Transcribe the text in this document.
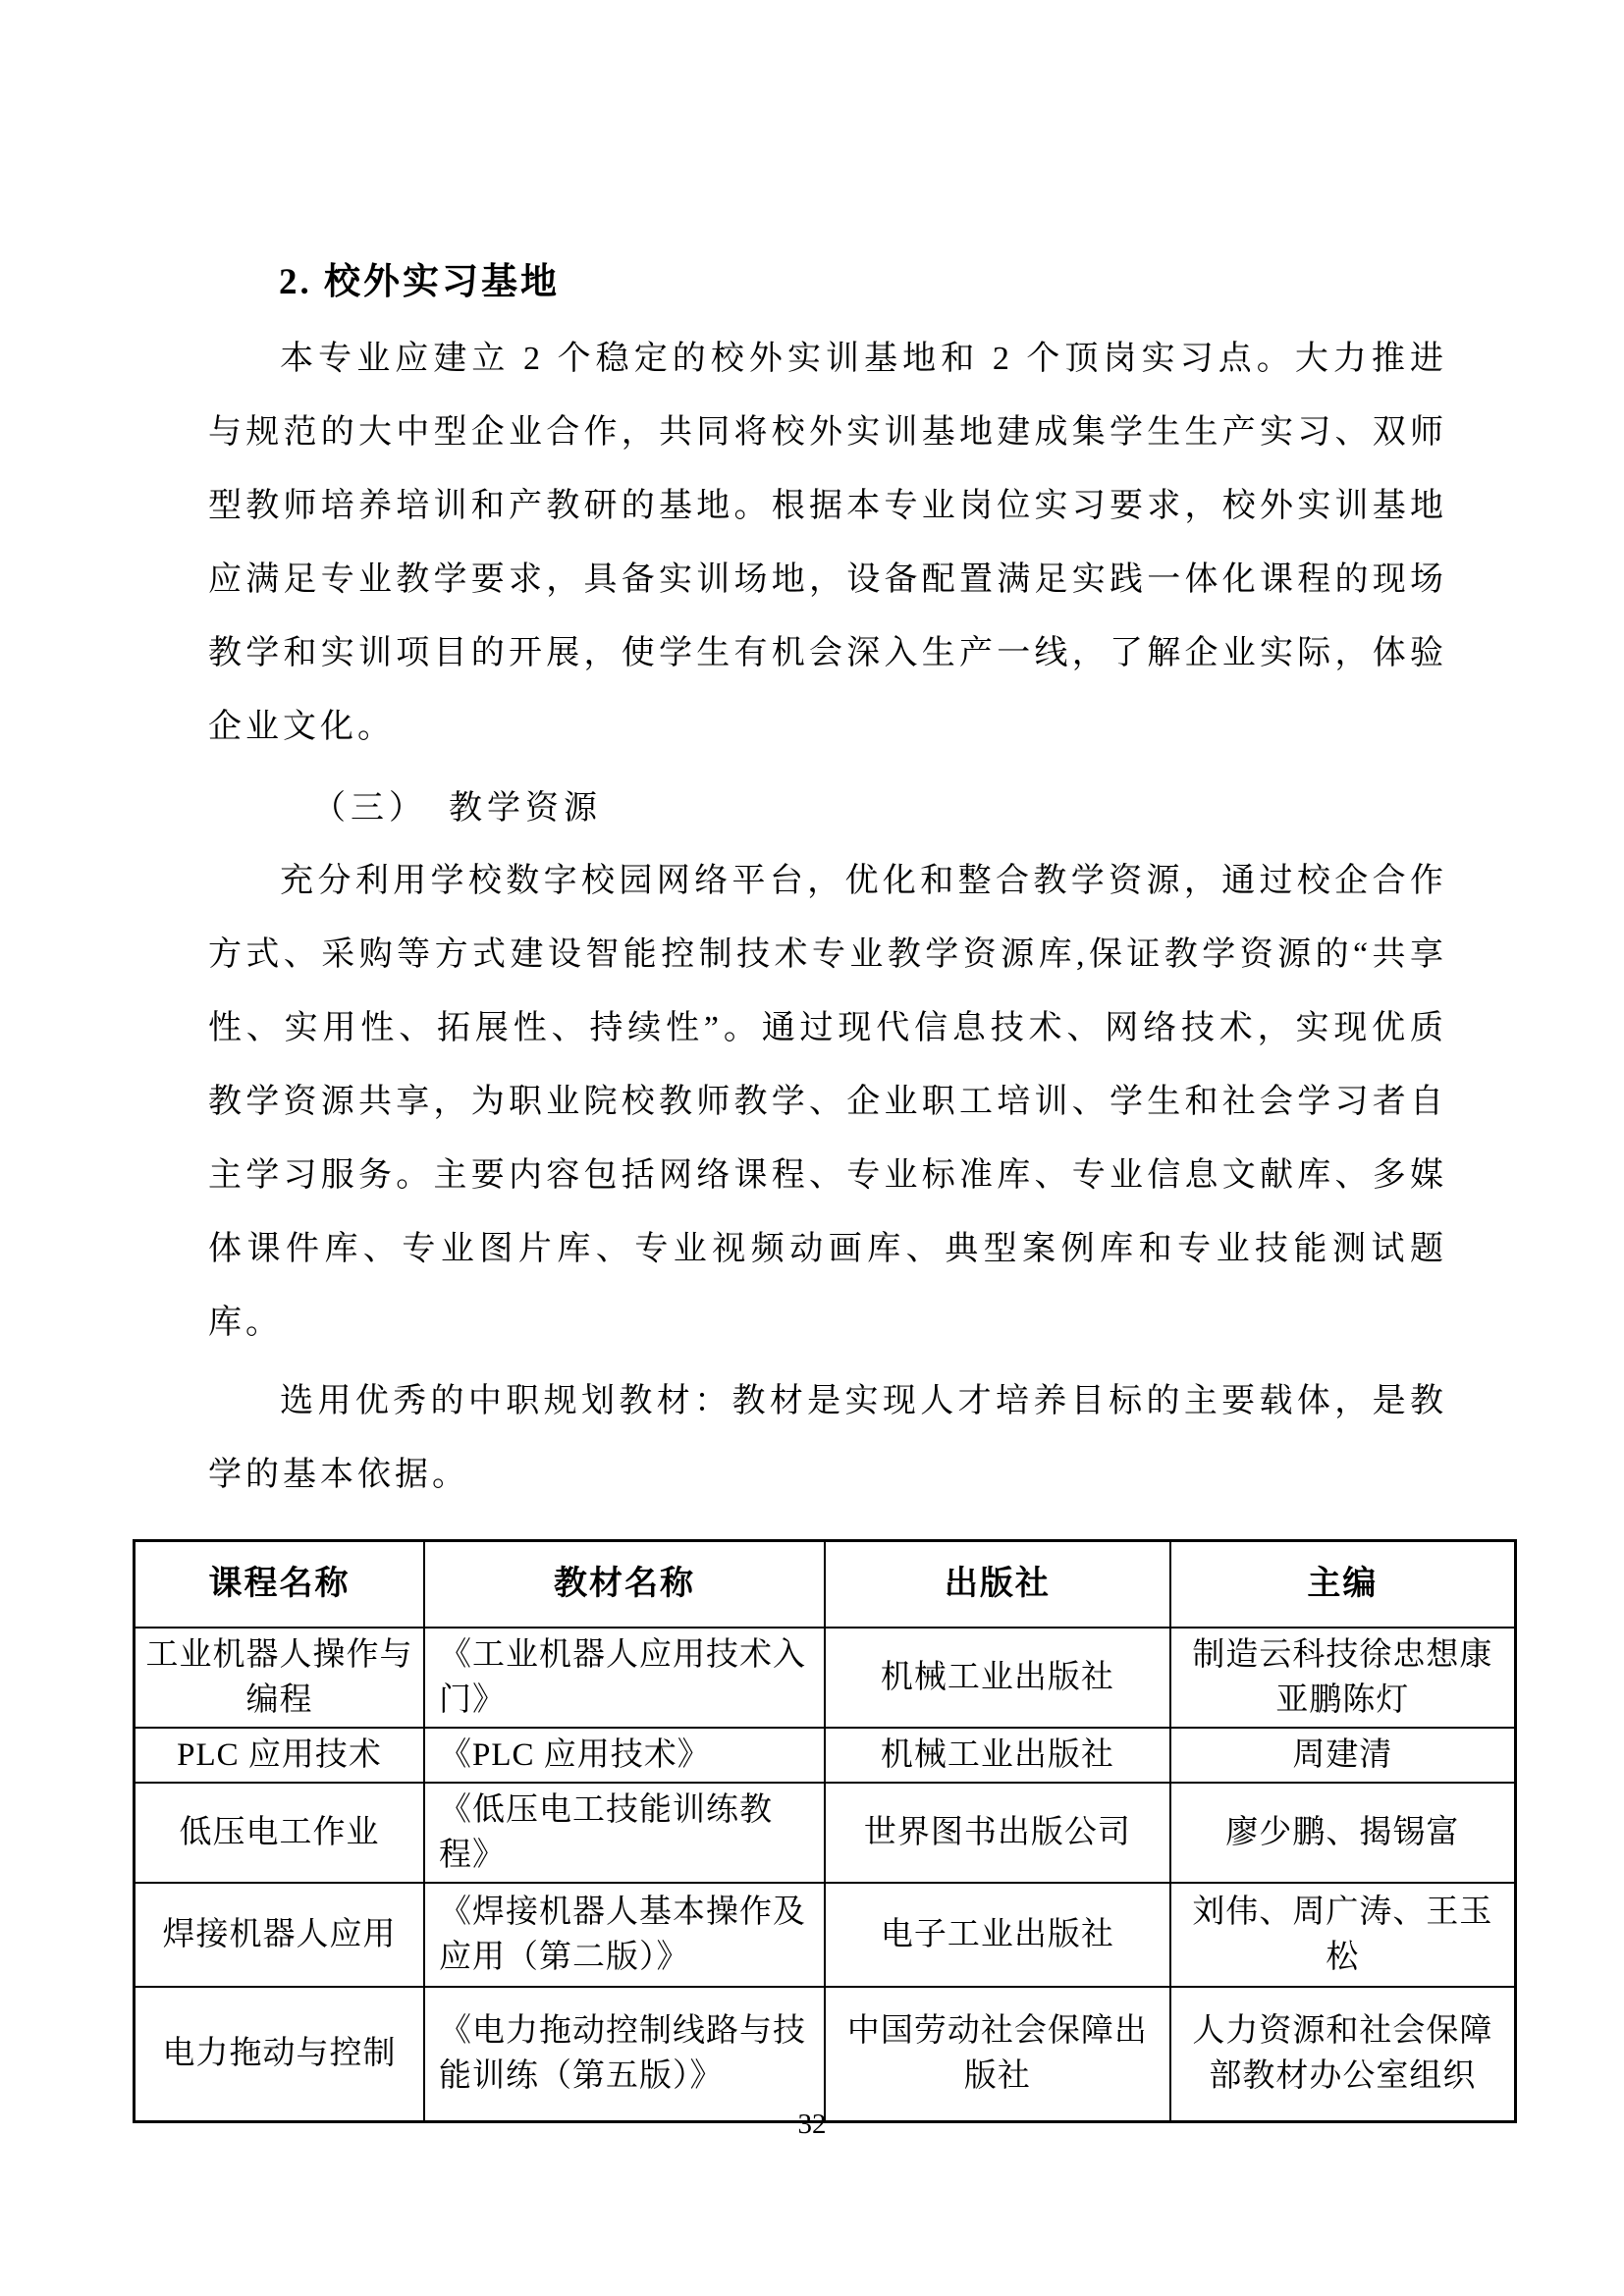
2. 校外实习基地

本专业应建立 2 个稳定的校外实训基地和 2 个顶岗实习点。大力推进与规范的大中型企业合作，共同将校外实训基地建成集学生生产实习、双师型教师培养培训和产教研的基地。根据本专业岗位实习要求，校外实训基地应满足专业教学要求，具备实训场地，设备配置满足实践一体化课程的现场教学和实训项目的开展，使学生有机会深入生产一线，了解企业实际，体验企业文化。

（三）　教学资源

充分利用学校数字校园网络平台，优化和整合教学资源，通过校企合作方式、采购等方式建设智能控制技术专业教学资源库,保证教学资源的“共享性、实用性、拓展性、持续性”。通过现代信息技术、网络技术，实现优质教学资源共享，为职业院校教师教学、企业职工培训、学生和社会学习者自主学习服务。主要内容包括网络课程、专业标准库、专业信息文献库、多媒体课件库、专业图片库、专业视频动画库、典型案例库和专业技能测试题库。

选用优秀的中职规划教材：教材是实现人才培养目标的主要载体，是教学的基本依据。

课程名称	教材名称	出版社	主编
工业机器人操作与编程	《工业机器人应用技术入门》	机械工业出版社	制造云科技徐忠想康亚鹏陈灯
PLC 应用技术	《PLC 应用技术》	机械工业出版社	周建清
低压电工作业	《低压电工技能训练教程》	世界图书出版公司	廖少鹏、揭锡富
焊接机器人应用	《焊接机器人基本操作及应用（第二版）》	电子工业出版社	刘伟、周广涛、王玉松
电力拖动与控制	《电力拖动控制线路与技能训练（第五版）》	中国劳动社会保障出版社	人力资源和社会保障部教材办公室组织
32
